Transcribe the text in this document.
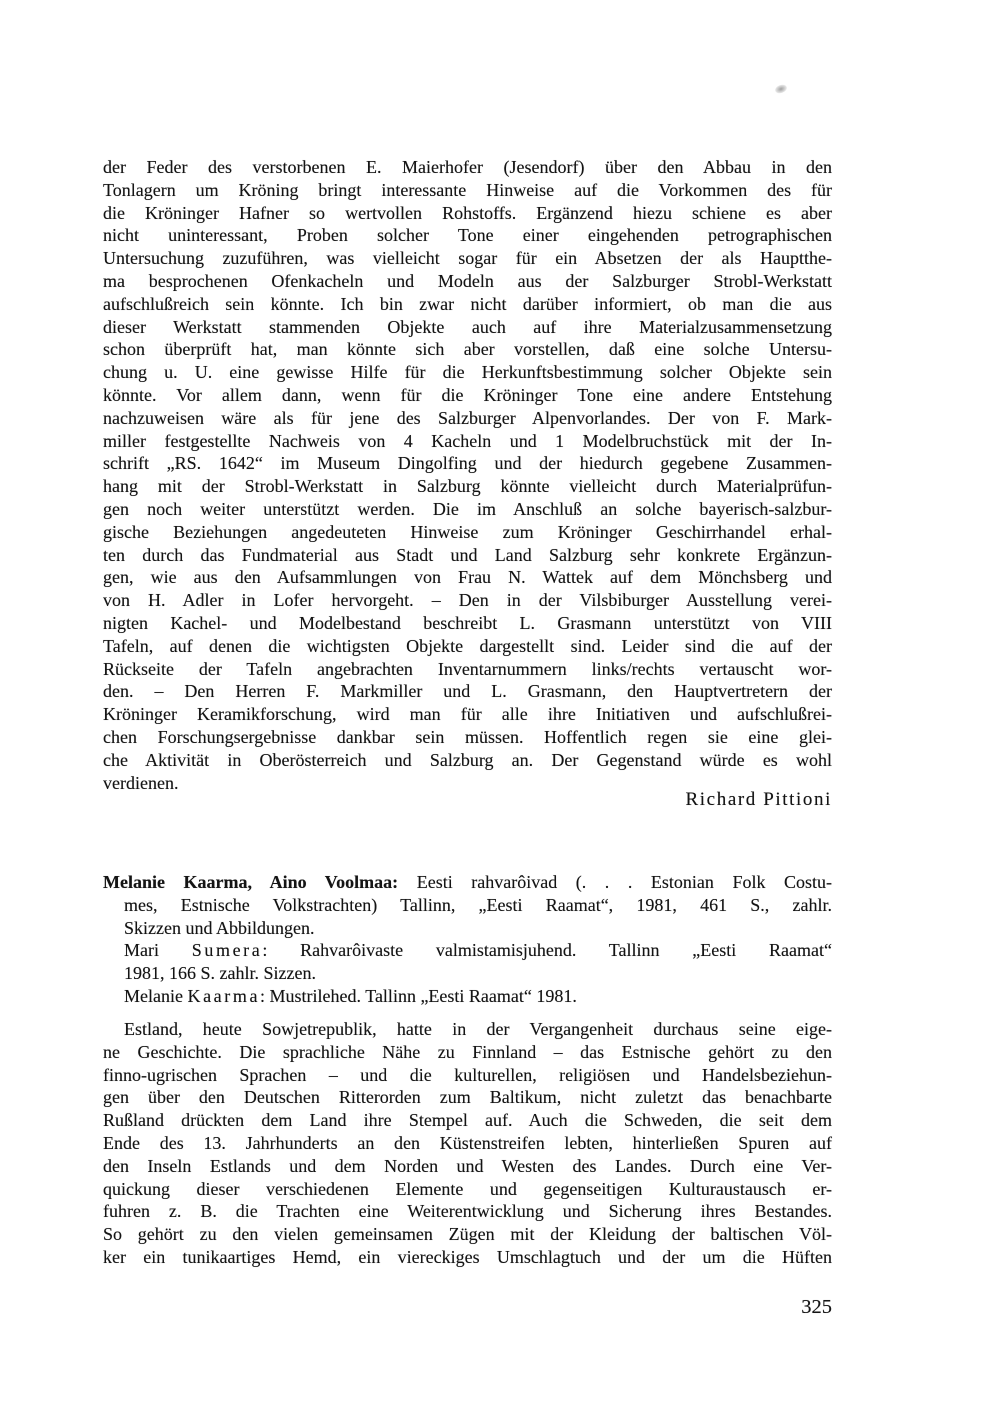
der Feder des verstorbenen E. Maierhofer (Jesendorf) über den Abbau in den
Tonlagern um Kröning bringt interessante Hinweise auf die Vorkommen des für
die Kröninger Hafner so wertvollen Rohstoffs. Ergänzend hiezu schiene es aber
nicht uninteressant, Proben solcher Tone einer eingehenden petrographischen
Untersuchung zuzuführen, was vielleicht sogar für ein Absetzen der als Hauptthe-
ma besprochenen Ofenkacheln und Modeln aus der Salzburger Strobl-Werkstatt
aufschlußreich sein könnte. Ich bin zwar nicht darüber informiert, ob man die aus
dieser Werkstatt stammenden Objekte auch auf ihre Materialzusammensetzung
schon überprüft hat, man könnte sich aber vorstellen, daß eine solche Untersu-
chung u. U. eine gewisse Hilfe für die Herkunftsbestimmung solcher Objekte sein
könnte. Vor allem dann, wenn für die Kröninger Tone eine andere Entstehung
nachzuweisen wäre als für jene des Salzburger Alpenvorlandes. Der von F. Mark-
miller festgestellte Nachweis von 4 Kacheln und 1 Modelbruchstück mit der In-
schrift „RS. 1642“ im Museum Dingolfing und der hiedurch gegebene Zusammen-
hang mit der Strobl-Werkstatt in Salzburg könnte vielleicht durch Materialprüfun-
gen noch weiter unterstützt werden. Die im Anschluß an solche bayerisch-salzbur-
gische Beziehungen angedeuteten Hinweise zum Kröninger Geschirrhandel erhal-
ten durch das Fundmaterial aus Stadt und Land Salzburg sehr konkrete Ergänzun-
gen, wie aus den Aufsammlungen von Frau N. Wattek auf dem Mönchsberg und
von H. Adler in Lofer hervorgeht. – Den in der Vilsbiburger Ausstellung verei-
nigten Kachel- und Modelbestand beschreibt L. Grasmann unterstützt von VIII
Tafeln, auf denen die wichtigsten Objekte dargestellt sind. Leider sind die auf der
Rückseite der Tafeln angebrachten Inventarnummern links/rechts vertauscht wor-
den. – Den Herren F. Markmiller und L. Grasmann, den Hauptvertretern der
Kröninger Keramikforschung, wird man für alle ihre Initiativen und aufschlußrei-
chen Forschungsergebnisse dankbar sein müssen. Hoffentlich regen sie eine glei-
che Aktivität in Oberösterreich und Salzburg an. Der Gegenstand würde es wohl
verdienen.
Richard Pittioni
Melanie Kaarma, Aino Voolmaa: Eesti rahvarôivad (. . . Estonian Folk Costu-
mes, Estnische Volkstrachten) Tallinn, „Eesti Raamat“, 1981, 461 S., zahlr.
Skizzen und Abbildungen.
Mari Sumera: Rahvarôivaste valmistamisjuhend. Tallinn „Eesti Raamat“
1981, 166 S. zahlr. Sizzen.
Melanie Kaarma: Mustrilehed. Tallinn „Eesti Raamat“ 1981.
Estland, heute Sowjetrepublik, hatte in der Vergangenheit durchaus seine eige-
ne Geschichte. Die sprachliche Nähe zu Finnland – das Estnische gehört zu den
finno-ugrischen Sprachen – und die kulturellen, religiösen und Handelsbeziehun-
gen über den Deutschen Ritterorden zum Baltikum, nicht zuletzt das benachbarte
Rußland drückten dem Land ihre Stempel auf. Auch die Schweden, die seit dem
Ende des 13. Jahrhunderts an den Küstenstreifen lebten, hinterließen Spuren auf
den Inseln Estlands und dem Norden und Westen des Landes. Durch eine Ver-
quickung dieser verschiedenen Elemente und gegenseitigen Kulturaustausch er-
fuhren z. B. die Trachten eine Weiterentwicklung und Sicherung ihres Bestandes.
So gehört zu den vielen gemeinsamen Zügen mit der Kleidung der baltischen Völ-
ker ein tunikaartiges Hemd, ein viereckiges Umschlagtuch und der um die Hüften
325
